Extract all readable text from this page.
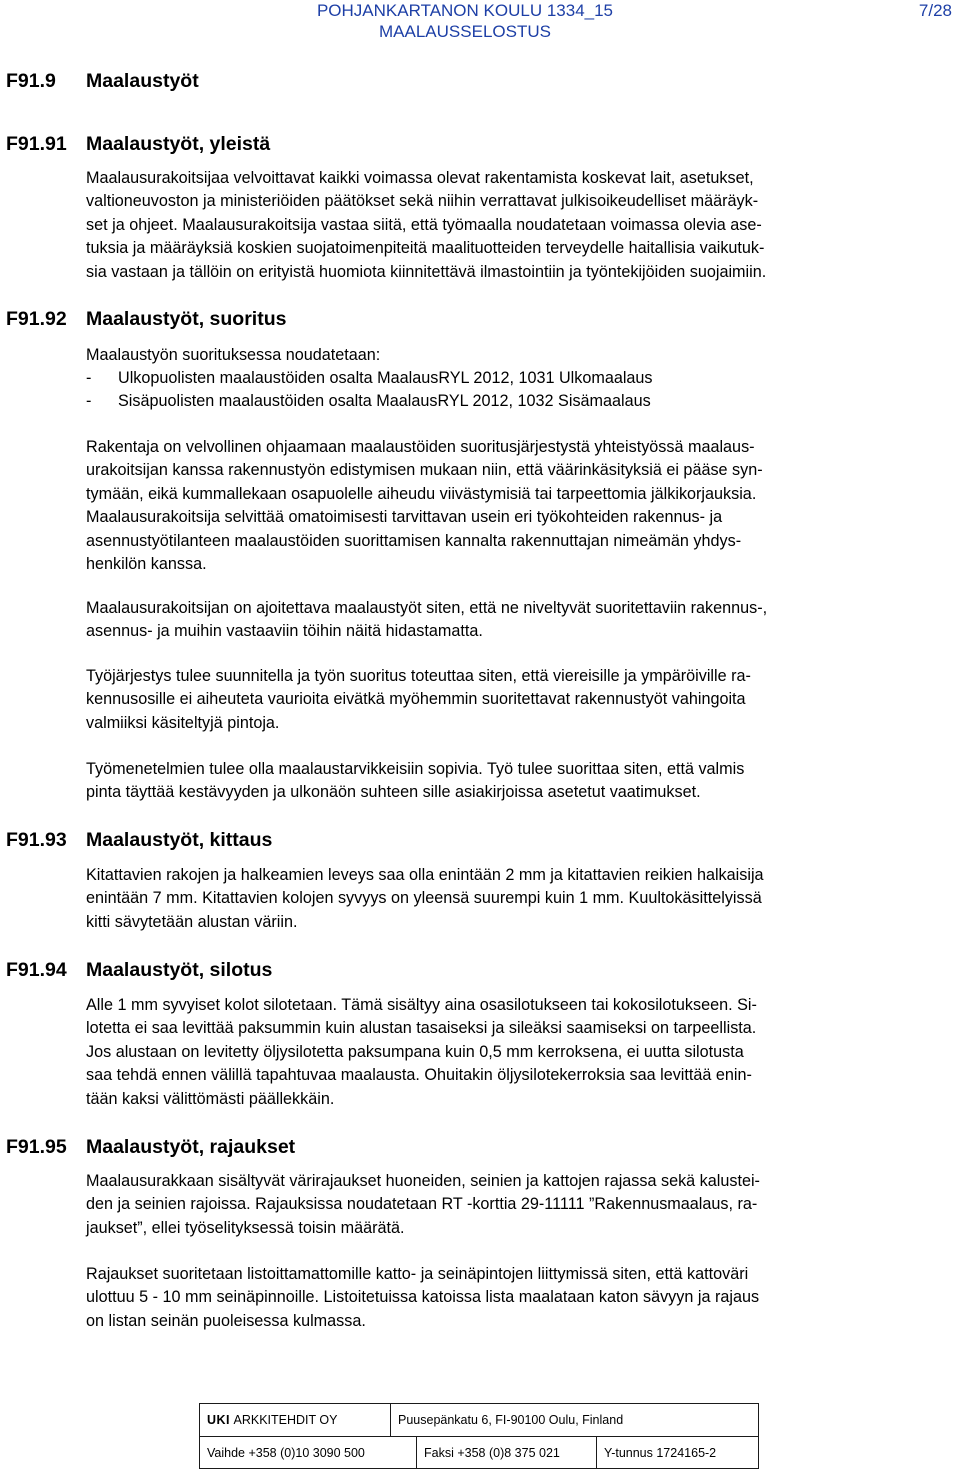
POHJANKARTANON KOULU 1334_15
MAALAUSSELOSTUS
7/28
F91.9 Maalaustyöt
F91.91 Maalaustyöt, yleistä
Maalausurakoitsijaa velvoittavat kaikki voimassa olevat rakentamista koskevat lait, asetukset,
valtioneuvoston ja ministeriöiden päätökset sekä niihin verrattavat julkisoikeudelliset määräyk-
set ja ohjeet. Maalausurakoitsija vastaa siitä, että työmaalla noudatetaan voimassa olevia ase-
tuksia ja määräyksiä koskien suojatoimenpiteitä maalituotteiden terveydelle haitallisia vaikutuk-
sia vastaan ja tällöin on erityistä huomiota kiinnitettävä ilmastointiin ja työntekijöiden suojaimiin.
F91.92 Maalaustyöt, suoritus
Maalaustyön suorituksessa noudatetaan:
- Ulkopuolisten maalaustöiden osalta MaalausRYL 2012, 1031 Ulkomaalaus
- Sisäpuolisten maalaustöiden osalta MaalausRYL 2012, 1032 Sisämaalaus
Rakentaja on velvollinen ohjaamaan maalaustöiden suoritusjärjestystä yhteistyössä maalaus-
urakoitsijan kanssa rakennustyön edistymisen mukaan niin, että väärinkäsityksiä ei pääse syn-
tymään, eikä kummallekaan osapuolelle aiheudu viivästymisiä tai tarpeettomia jälkikorjauksia.
Maalausurakoitsija selvittää omatoimisesti tarvittavan usein eri työkohteiden rakennus- ja
asennustyötilanteen maalaustöiden suorittamisen kannalta rakennuttajan nimeämän yhdys-
henkilön kanssa.
Maalausurakoitsijan on ajoitettava maalaustyöt siten, että ne niveltyvät suoritettaviin rakennus-,
asennus- ja muihin vastaaviin töihin näitä hidastamatta.
Työjärjestys tulee suunnitella ja työn suoritus toteuttaa siten, että viereisille ja ympäröiville ra-
kennusosille ei aiheuteta vaurioita eivätkä myöhemmin suoritettavat rakennustyöt vahingoita
valmiiksi käsiteltyjä pintoja.
Työmenetelmien tulee olla maalaustarvikkeisiin sopivia. Työ tulee suorittaa siten, että valmis
pinta täyttää kestävyyden ja ulkonäön suhteen sille asiakirjoissa asetetut vaatimukset.
F91.93 Maalaustyöt, kittaus
Kitattavien rakojen ja halkeamien leveys saa olla enintään 2 mm ja kitattavien reikien halkaisija
enintään 7 mm. Kitattavien kolojen syvyys on yleensä suurempi kuin 1 mm. Kuultokäsittelyissä
kitti sävytetään alustan väriin.
F91.94 Maalaustyöt, silotus
Alle 1 mm syvyiset kolot silotetaan. Tämä sisältyy aina osasilotukseen tai kokosilotukseen. Si-
lotetta ei saa levittää paksummin kuin alustan tasaiseksi ja sileäksi saamiseksi on tarpeellista.
Jos alustaan on levitetty öljysilotetta paksumpana kuin 0,5 mm kerroksena, ei uutta silotusta
saa tehdä ennen välillä tapahtuvaa maalausta. Ohuitakin öljysilotekerroksia saa levittää enin-
tään kaksi välittömästi päällekkäin.
F91.95 Maalaustyöt, rajaukset
Maalausurakkaan sisältyvät värirajaukset huoneiden, seinien ja kattojen rajassa sekä kalustei-
den ja seinien rajoissa. Rajauksissa noudatetaan RT -korttia 29-11111 ”Rakennusmaalaus, ra-
jaukset”, ellei työselityksessä toisin määrätä.
Rajaukset suoritetaan listoittamattomille katto- ja seinäpintojen liittymissä siten, että kattoväri
ulottuu 5 - 10 mm seinäpinnoille. Listoitetuissa katoissa lista maalataan katon sävyyn ja rajaus
on listan seinän puoleisessa kulmassa.
UKI
ARKKITEHDIT OY	Puusepänkatu 6, FI-90100 Oulu, Finland
Vaihde +358 (0)10 3090 500	Faksi +358 (0)8 375 021	Y-tunnus 1724165-2
